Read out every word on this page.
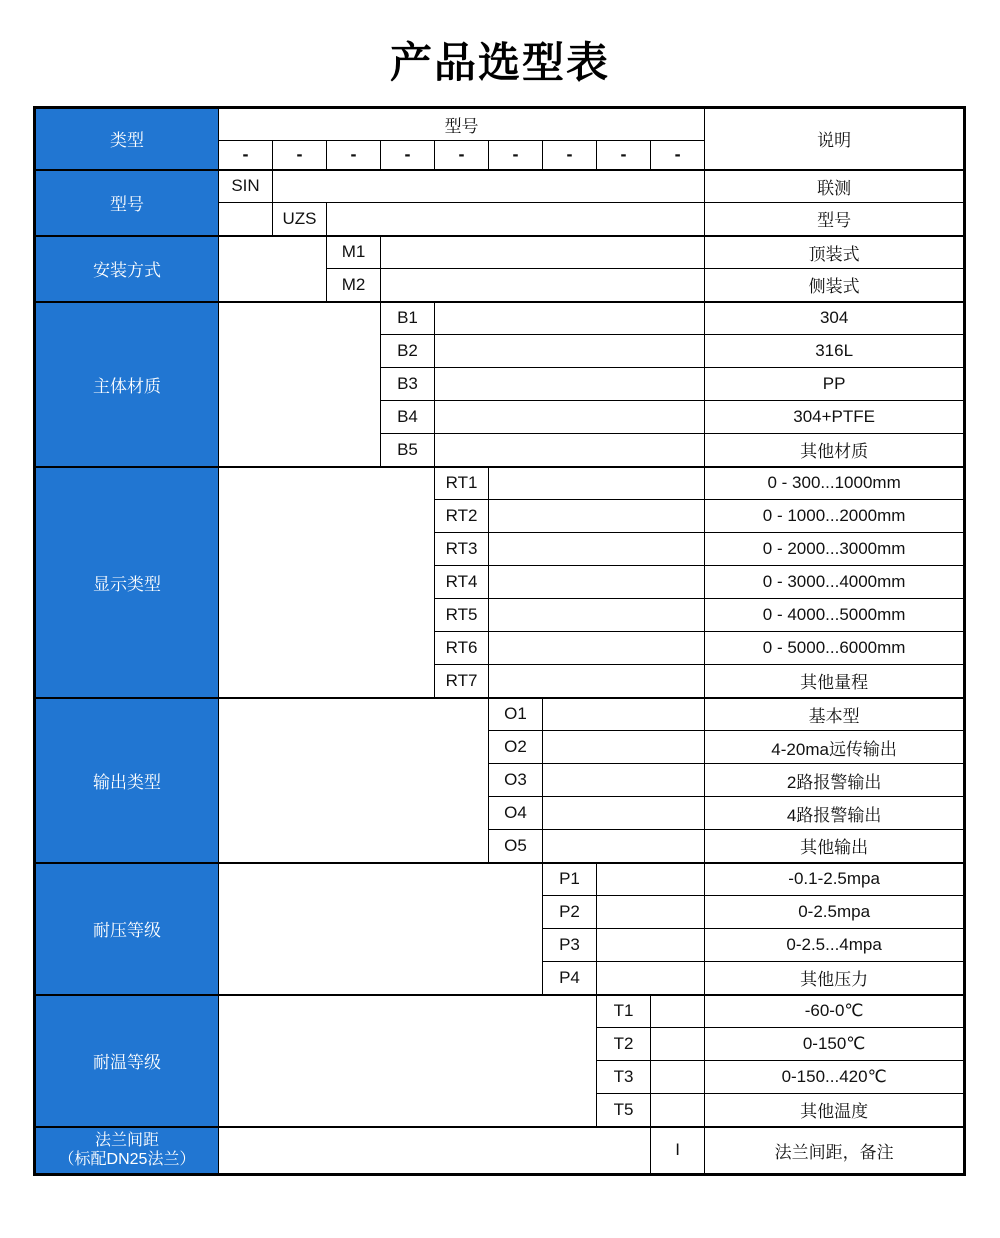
产品选型表
类型	型号									说明
	-	-	-	-	-	-	-	-	-	
型号	SIN									联测
		UZS								型号
安装方式			M1							顶装式
			M2							侧装式
主体材质				B1						304
				B2						316L
				B3						PP
				B4						304+PTFE
				B5						其他材质
显示类型					RT1					0 - 300...1000mm
					RT2					0 - 1000...2000mm
					RT3					0 - 2000...3000mm
					RT4					0 - 3000...4000mm
					RT5					0 - 4000...5000mm
					RT6					0 - 5000...6000mm
					RT7					其他量程
输出类型						O1				基本型
						O2				4-20ma远传输出
						O3				2路报警输出
						O4				4路报警输出
						O5				其他输出
耐压等级							P1			-0.1-2.5mpa
							P2			0-2.5mpa
							P3			0-2.5...4mpa
							P4			其他压力
耐温等级								T1		-60-0℃
								T2		0-150℃
								T3		0-150...420℃
								T5		其他温度

法兰间距
（标配DN25法兰）									I	法兰间距，备注
